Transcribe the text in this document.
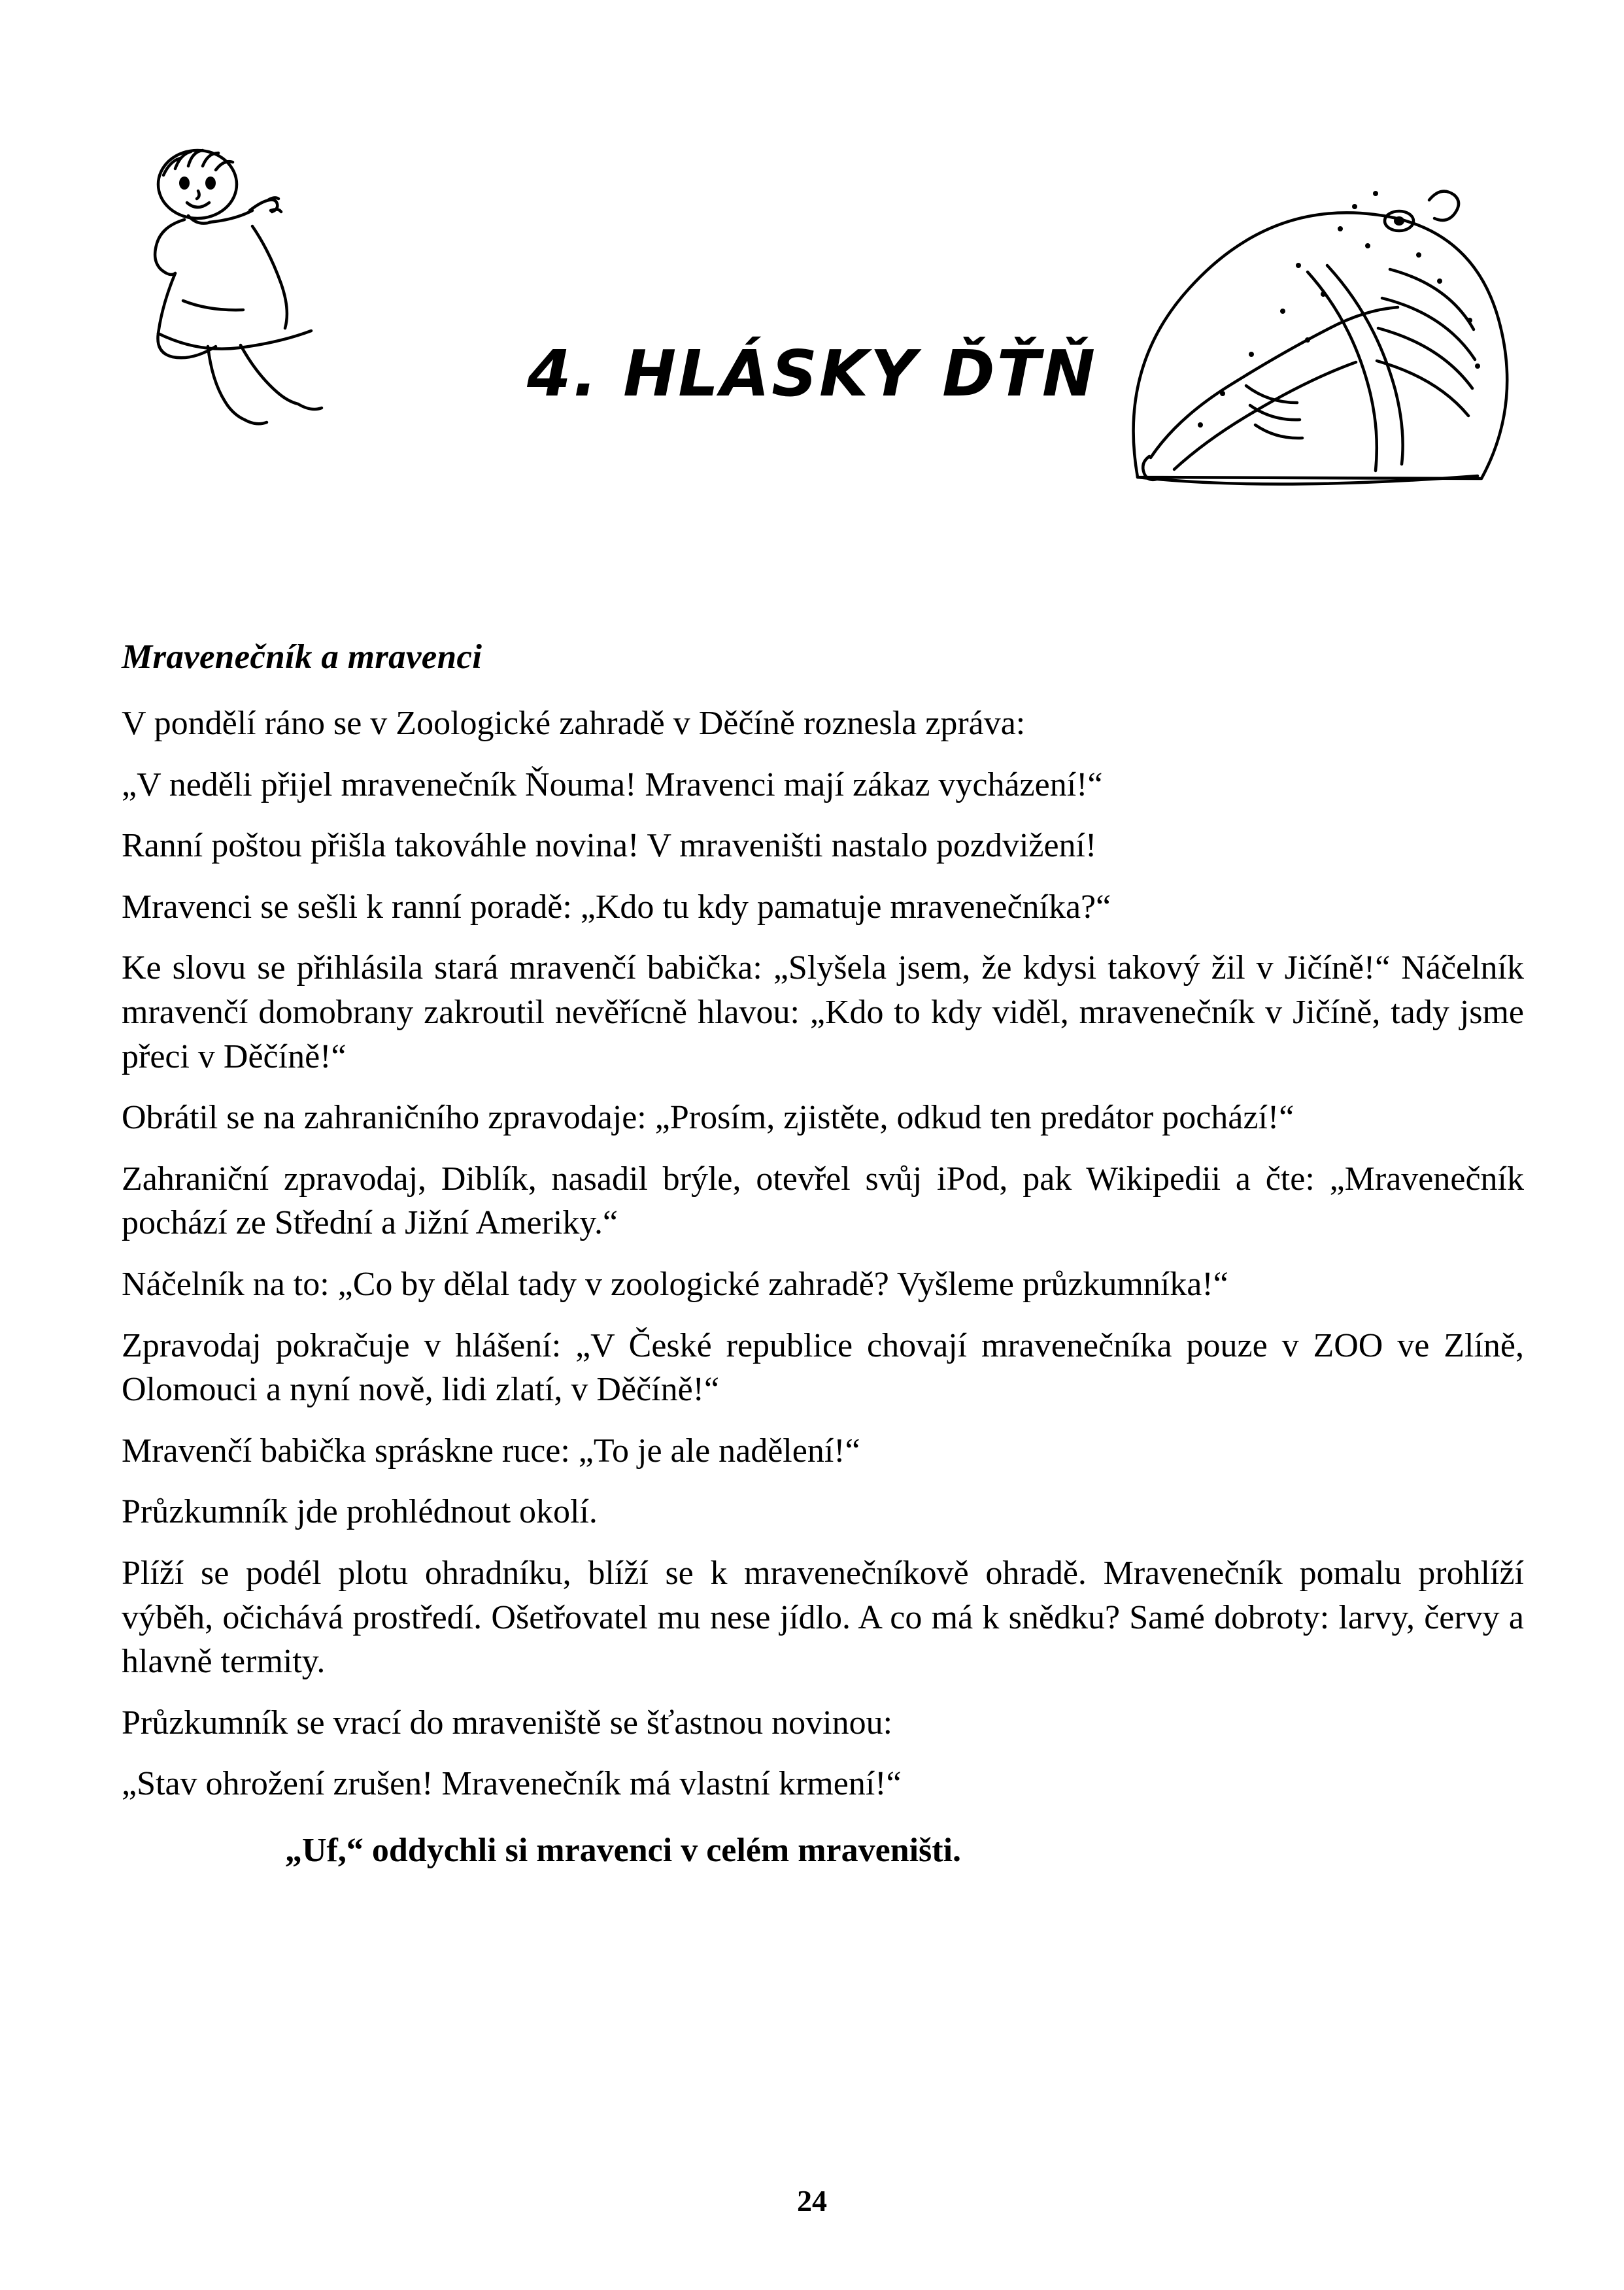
4. HLÁSKY ĎŤŇ
Mravenečník a mravenci

V pondělí ráno se v Zoologické zahradě v Děčíně roznesla zpráva:

„V neděli přijel mravenečník Ňouma! Mravenci mají zákaz vycházení!“

Ranní poštou přišla takováhle novina! V mraveništi nastalo pozdvižení!

Mravenci se sešli k ranní poradě: „Kdo tu kdy pamatuje mravenečníka?“

Ke slovu se přihlásila stará mravenčí babička: „Slyšela jsem, že kdysi takový žil v Jičíně!“ Náčelník mravenčí domobrany zakroutil nevěřícně hlavou: „Kdo to kdy viděl, mravenečník v Jičíně, tady jsme přeci v Děčíně!“

Obrátil se na zahraničního zpravodaje: „Prosím, zjistěte, odkud ten predátor pochází!“

Zahraniční zpravodaj, Diblík, nasadil brýle, otevřel svůj iPod, pak Wikipedii a čte: „Mravenečník pochází ze Střední a Jižní Ameriky.“

Náčelník na to: „Co by dělal tady v zoologické zahradě? Vyšleme průzkumníka!“

Zpravodaj pokračuje v hlášení: „V České republice chovají mravenečníka pouze v ZOO ve Zlíně, Olomouci a nyní nově, lidi zlatí, v Děčíně!“

Mravenčí babička spráskne ruce: „To je ale nadělení!“

Průzkumník jde prohlédnout okolí.

Plíží se podél plotu ohradníku, blíží se k mravenečníkově ohradě. Mravenečník pomalu prohlíží výběh, očichává prostředí. Ošetřovatel mu nese jídlo. A co má k snědku? Samé dobroty: larvy, červy a hlavně termity.

Průzkumník se vrací do mraveniště se šťastnou novinou:

„Stav ohrožení zrušen! Mravenečník má vlastní krmení!“

„Uf,“ oddychli si mravenci v celém mraveništi.

24
